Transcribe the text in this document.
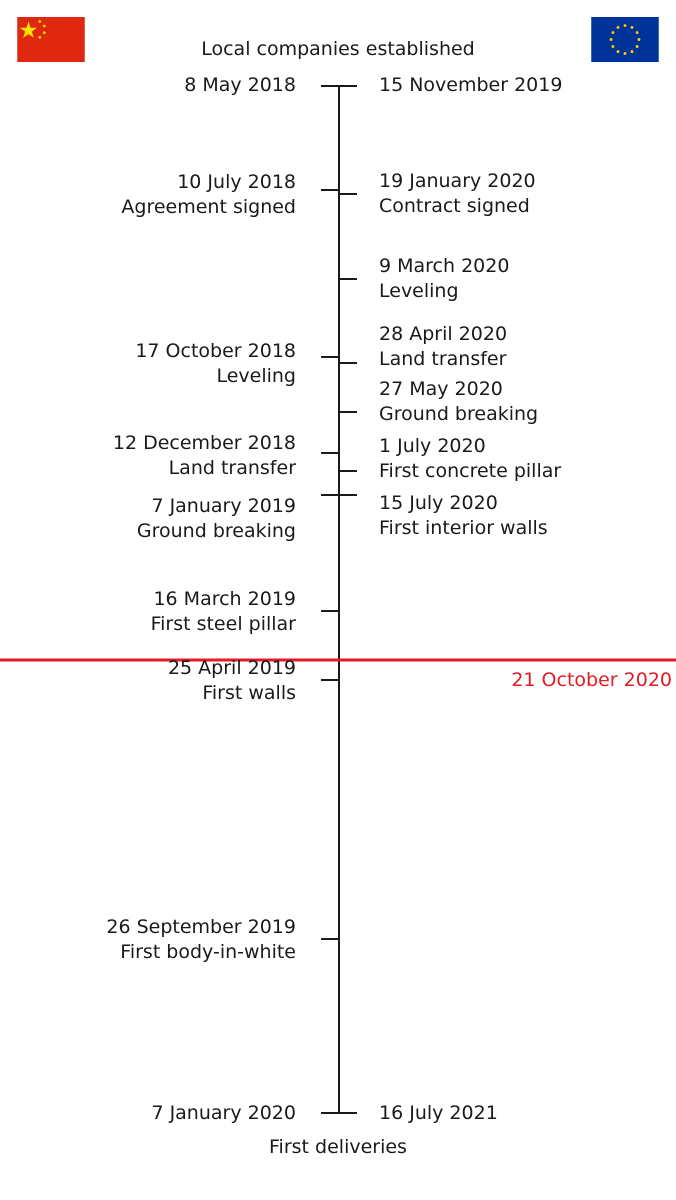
Local companies established
8 May 2018
10 July 2018
Agreement signed
17 October 2018
Leveling
12 December 2018
Land transfer
7 January 2019
Ground breaking
16 March 2019
First steel pillar
25 April 2019
First walls
26 September 2019
First body-in-white
7 January 2020
15 November 2019
19 January 2020
Contract signed
9 March 2020
Leveling
28 April 2020
Land transfer
27 May 2020
Ground breaking
1 July 2020
First concrete pillar
15 July 2020
First interior walls
16 July 2021
21 October 2020
First deliveries
